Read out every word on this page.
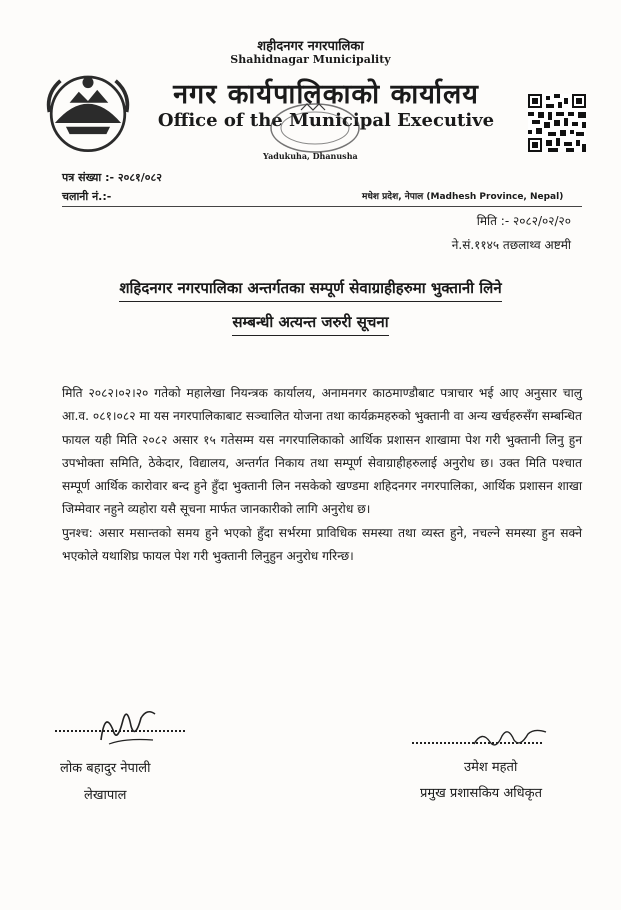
शहीदनगर नगरपालिका
Shahidnagar Municipality
नगर कार्यपालिकाको कार्यालय
Office of the Municipal Executive
Yadukuha, Dhanusha
पत्र संख्या :- २०८१/०८२
चलानी नं.:-	मधेश प्रदेश, नेपाल (Madhesh Province, Nepal)
मिति :- २०८२/०२/२०
ने.सं.११४५ तछलाथ्व अष्टमी
शहिदनगर नगरपालिका अन्तर्गतका सम्पूर्ण सेवाग्राहीहरुमा भुक्तानी लिने
सम्बन्धी अत्यन्त जरुरी सूचना

मिति २०८२।०२।२० गतेको महालेखा नियन्त्रक कार्यालय, अनामनगर काठमाण्डौबाट पत्राचार भई आए अनुसार चालु आ.व. ०८१।०८२ मा यस नगरपालिकाबाट सञ्चालित योजना तथा कार्यक्रमहरुको भुक्तानी वा अन्य खर्चहरुसँग सम्बन्धित फायल यही मिति २०८२ असार १५ गतेसम्म यस नगरपालिकाको आर्थिक प्रशासन शाखामा पेश गरी भुक्तानी लिनु हुन उपभोक्ता समिति, ठेकेदार, विद्यालय, अन्तर्गत निकाय तथा सम्पूर्ण सेवाग्राहीहरुलाई अनुरोध छ। उक्त मिति पश्चात सम्पूर्ण आर्थिक कारोवार बन्द हुने हुँदा भुक्तानी लिन नसकेको खण्डमा शहिदनगर नगरपालिका, आर्थिक प्रशासन शाखा जिम्मेवार नहुने व्यहोरा यसै सूचना मार्फत जानकारीको लागि अनुरोध छ।

पुनश्च: असार मसान्तको समय हुने भएको हुँदा सर्भरमा प्राविधिक समस्या तथा व्यस्त हुने, नचल्ने समस्या हुन सक्ने भएकोले यथाशिघ्र फायल पेश गरी भुक्तानी लिनुहुन अनुरोध गरिन्छ।

लोक बहादुर नेपाली
लेखापाल
उमेश महतो
प्रमुख प्रशासकिय अधिकृत
